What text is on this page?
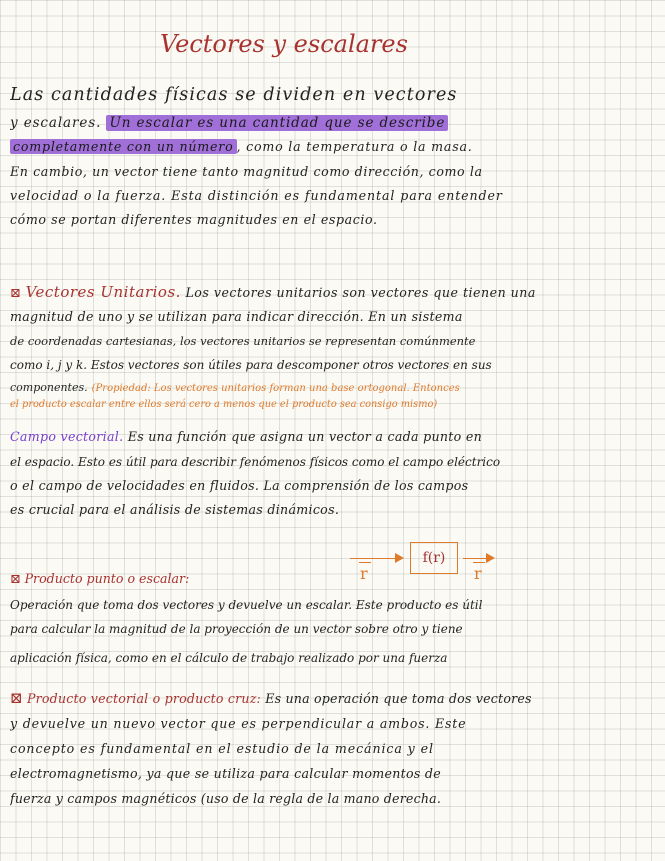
Vectores y escalares
Las cantidades físicas se dividen en vectores
y escalares. Un escalar es una cantidad que se describe
completamente con un número , como la temperatura o la masa.
En cambio, un vector tiene tanto magnitud como dirección, como la
velocidad o la fuerza. Esta distinción es fundamental para entender
cómo se portan diferentes magnitudes en el espacio.
⊠ Vectores Unitarios. Los vectores unitarios son vectores que tienen una
magnitud de uno y se utilizan para indicar dirección. En un sistema
de coordenadas cartesianas, los vectores unitarios se representan comúnmente
como i, j y k. Estos vectores son útiles para descomponer otros vectores en sus
componentes. (Propiedad: Los vectores unitarios forman una base ortogonal. Entonces
el producto escalar entre ellos será cero a menos que el producto sea consigo mismo)
Campo vectorial. Es una función que asigna un vector a cada punto en
el espacio. Esto es útil para describir fenómenos físicos como el campo eléctrico
o el campo de velocidades en fluidos. La comprensión de los campos
es crucial para el análisis de sistemas dinámicos.
r
f(r)
r
⊠ Producto punto o escalar:
Operación que toma dos vectores y devuelve un escalar. Este producto es útil
para calcular la magnitud de la proyección de un vector sobre otro y tiene
aplicación física, como en el cálculo de trabajo realizado por una fuerza
⊠ Producto vectorial o producto cruz: Es una operación que toma dos vectores
y devuelve un nuevo vector que es perpendicular a ambos. Este
concepto es fundamental en el estudio de la mecánica y el
electromagnetismo, ya que se utiliza para calcular momentos de
fuerza y campos magnéticos (uso de la regla de la mano derecha.
